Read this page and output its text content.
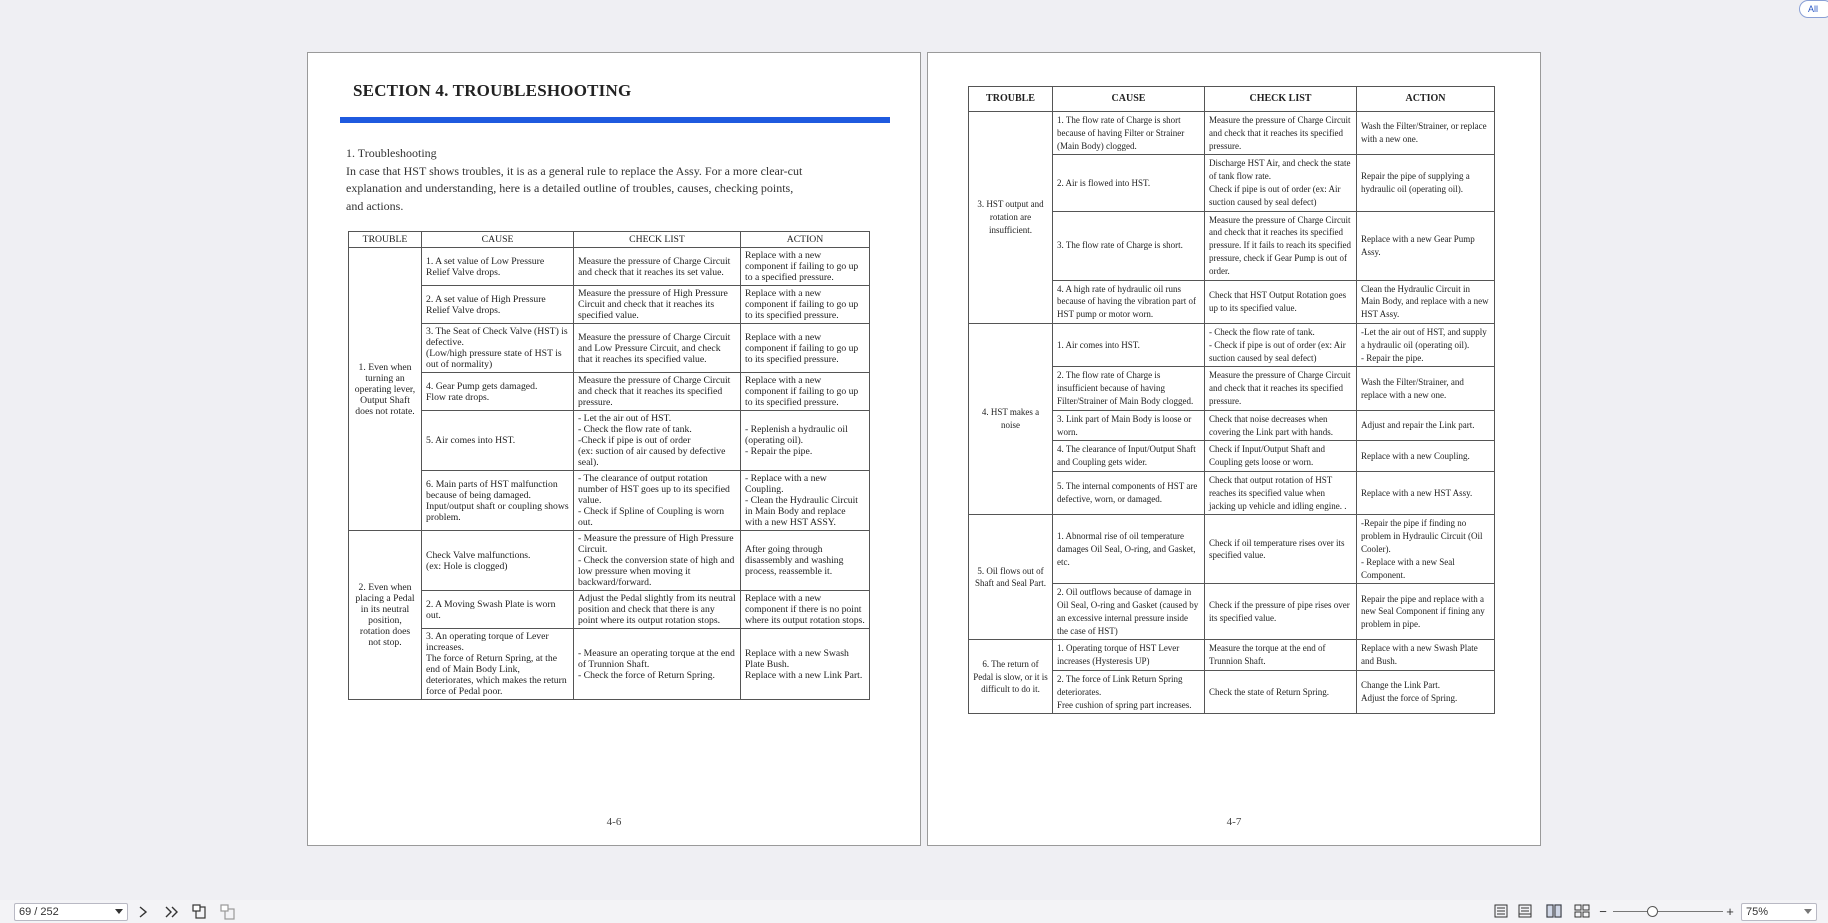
All
SECTION 4. TROUBLESHOOTING

1. Troubleshooting

In case that HST shows troubles, it is as a general rule to replace the Assy. For a more clear-cut

explanation and understanding, here is a detailed outline of troubles, causes, checking points,

and actions.

TROUBLE	CAUSE	CHECK LIST	ACTION
1. Even when turning an operating lever, Output Shaft does not rotate.	1. A set value of Low Pressure Relief Valve drops.	Measure the pressure of Charge Circuit and check that it reaches its set value.	Replace with a new component if failing to go up to a specified pressure.
	2. A set value of High Pressure Relief Valve drops.	Measure the pressure of High Pressure Circuit and check that it reaches its specified value.	Replace with a new component if failing to go up to its specified pressure.
	3. The Seat of Check Valve (HST) is defective.
(Low/high pressure state of HST is out of normality)	Measure the pressure of Charge Circuit and Low Pressure Circuit, and check that it reaches its specified value.	Replace with a new component if failing to go up to its specified pressure.
	4. Gear Pump gets damaged.
Flow rate drops.	Measure the pressure of Charge Circuit and check that it reaches its specified pressure.	Replace with a new component if failing to go up to its specified pressure.
	5. Air comes into HST.	- Let the air out of HST.
- Check the flow rate of tank.
-Check if pipe is out of order
(ex: suction of air caused by defective seal).	- Replenish a hydraulic oil (operating oil).
- Repair the pipe.
	6. Main parts of HST malfunction because of being damaged.
Input/output shaft or coupling shows problem.	- The clearance of output rotation number of HST goes up to its specified value.
- Check if Spline of Coupling is worn out.	- Replace with a new Coupling.
- Clean the Hydraulic Circuit in Main Body and replace with a new HST ASSY.
2. Even when placing a Pedal in its neutral position, rotation does not stop.	Check Valve malfunctions.
(ex: Hole is clogged)	- Measure the pressure of High Pressure Circuit.
- Check the conversion state of high and low pressure when moving it backward/forward.	After going through disassembly and washing process, reassemble it.
	2. A Moving Swash Plate is worn out.	Adjust the Pedal slightly from its neutral position and check that there is any point where its output rotation stops.	Replace with a new component if there is no point where its output rotation stops.
	3. An operating torque of Lever increases.
The force of Return Spring, at the end of Main Body Link, deteriorates, which makes the return force of Pedal poor.	- Measure an operating torque at the end of Trunnion Shaft.
- Check the force of Return Spring.	Replace with a new Swash Plate Bush.
Replace with a new Link Part.
4-6
TROUBLE	CAUSE	CHECK LIST	ACTION
3. HST output and rotation are insufficient.	1. The flow rate of Charge is short because of having Filter or Strainer (Main Body) clogged.	Measure the pressure of Charge Circuit and check that it reaches its specified pressure.	Wash the Filter/Strainer, or replace with a new one.
	2. Air is flowed into HST.	Discharge HST Air, and check the state of tank flow rate.
Check if pipe is out of order (ex: Air suction caused by seal defect)	Repair the pipe of supplying a hydraulic oil (operating oil).
	3. The flow rate of Charge is short.	Measure the pressure of Charge Circuit and check that it reaches its specified pressure. If it fails to reach its specified pressure, check if Gear Pump is out of order.	Replace with a new Gear Pump Assy.
	4. A high rate of hydraulic oil runs because of having the vibration part of HST pump or motor worn.	Check that HST Output Rotation goes up to its specified value.	Clean the Hydraulic Circuit in Main Body, and replace with a new HST Assy.
4. HST makes a noise	1. Air comes into HST.	- Check the flow rate of tank.
- Check if pipe is out of order (ex: Air suction caused by seal defect)	-Let the air out of HST, and supply a hydraulic oil (operating oil).
- Repair the pipe.
	2. The flow rate of Charge is insufficient because of having Filter/Strainer of Main Body clogged.	Measure the pressure of Charge Circuit and check that it reaches its specified pressure.	Wash the Filter/Strainer, and replace with a new one.
	3. Link part of Main Body is loose or worn.	Check that noise decreases when covering the Link part with hands.	Adjust and repair the Link part.
	4. The clearance of Input/Output Shaft and Coupling gets wider.	Check if Input/Output Shaft and Coupling gets loose or worn.	Replace with a new Coupling.
	5. The internal components of HST are defective, worn, or damaged.	Check that output rotation of HST reaches its specified value when jacking up vehicle and idling engine. .	Replace with a new HST Assy.
5. Oil flows out of Shaft and Seal Part.	1. Abnormal rise of oil temperature damages Oil Seal, O-ring, and Gasket, etc.	Check if oil temperature rises over its specified value.	-Repair the pipe if finding no problem in Hydraulic Circuit (Oil Cooler).
- Replace with a new Seal Component.
	2. Oil outflows because of damage in Oil Seal, O-ring and Gasket (caused by an excessive internal pressure inside the case of HST)	Check if the pressure of pipe rises over its specified value.	Repair the pipe and replace with a new Seal Component if fining any problem in pipe.
6. The return of Pedal is slow, or it is difficult to do it.	1. Operating torque of HST Lever increases (Hysteresis UP)	Measure the torque at the end of Trunnion Shaft.	Replace with a new Swash Plate and Bush.
	2. The force of Link Return Spring deteriorates.
Free cushion of spring part increases.	Check the state of Return Spring.	Change the Link Part.
Adjust the force of Spring.
4-7
69 / 252	−	+ 75%
